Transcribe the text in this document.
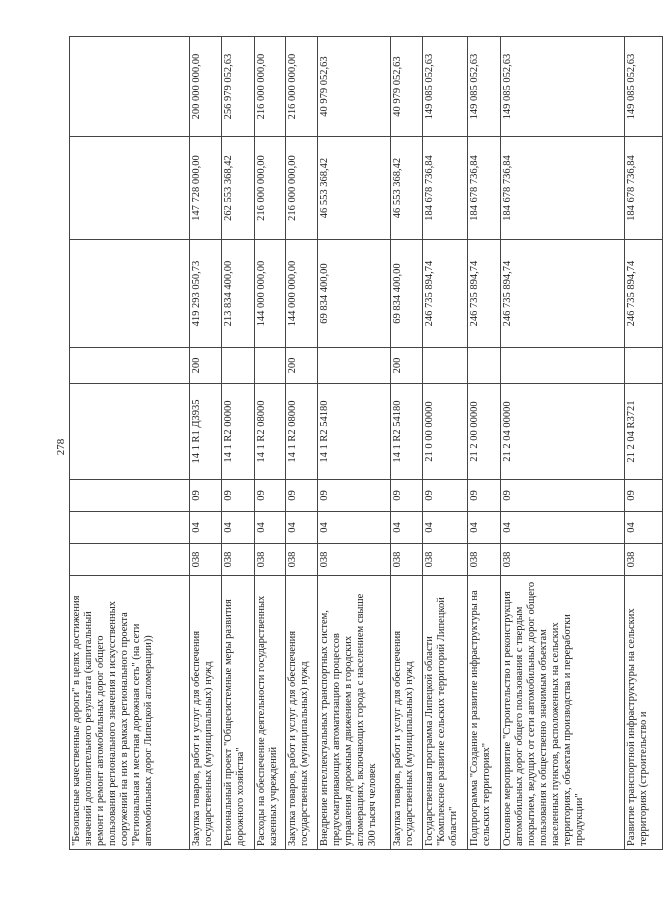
278
"Безопасные качественные дороги" в целях достижения значений дополнительного результата (капитальный ремонт и ремонт автомобильных дорог общего пользования регионального значения и искусственных сооружений на них в рамках регионального проекта "Региональная и местная дорожная сеть" (на сети автомобильных дорог Липецкой агломерации))								
Закупка товаров, работ и услуг для обеспечения государственных (муниципальных) нужд	038	04	09	14 1 R1 Д3935	200	419 293 050,73	147 728 000,00	200 000 000,00
Региональный проект "Общесистемные меры развития дорожного хозяйства"	038	04	09	14 1 R2 00000		213 834 400,00	262 553 368,42	256 979 052,63
Расходы на обеспечение деятельности государственных казенных учреждений	038	04	09	14 1 R2 08000		144 000 000,00	216 000 000,00	216 000 000,00
Закупка товаров, работ и услуг для обеспечения государственных (муниципальных) нужд	038	04	09	14 1 R2 08000	200	144 000 000,00	216 000 000,00	216 000 000,00
Внедрение интеллектуальных транспортных систем, предусматривающих автоматизацию процессов управления дорожным движением в городских агломерациях, включающих города с населением свыше 300 тысяч человек	038	04	09	14 1 R2 54180		69 834 400,00	46 553 368,42	40 979 052,63
Закупка товаров, работ и услуг для обеспечения государственных (муниципальных) нужд	038	04	09	14 1 R2 54180	200	69 834 400,00	46 553 368,42	40 979 052,63
Государственная программа Липецкой области "Комплексное развитие сельских территорий Липецкой области"	038	04	09	21 0 00 00000		246 735 894,74	184 678 736,84	149 085 052,63
Подпрограмма "Создание и развитие инфраструктуры на сельских территориях"	038	04	09	21 2 00 00000		246 735 894,74	184 678 736,84	149 085 052,63
Основное мероприятие "Строительство и реконструкция автомобильных дорог общего пользования с твердым покрытием, ведущих от сети автомобильных дорог общего пользования к общественно значимым объектам населенных пунктов, расположенных на сельских территориях, объектам производства и переработки продукции"	038	04	09	21 2 04 00000		246 735 894,74	184 678 736,84	149 085 052,63
Развитие транспортной инфраструктуры на сельских территориях (строительство и	038	04	09	21 2 04 R3721		246 735 894,74	184 678 736,84	149 085 052,63
